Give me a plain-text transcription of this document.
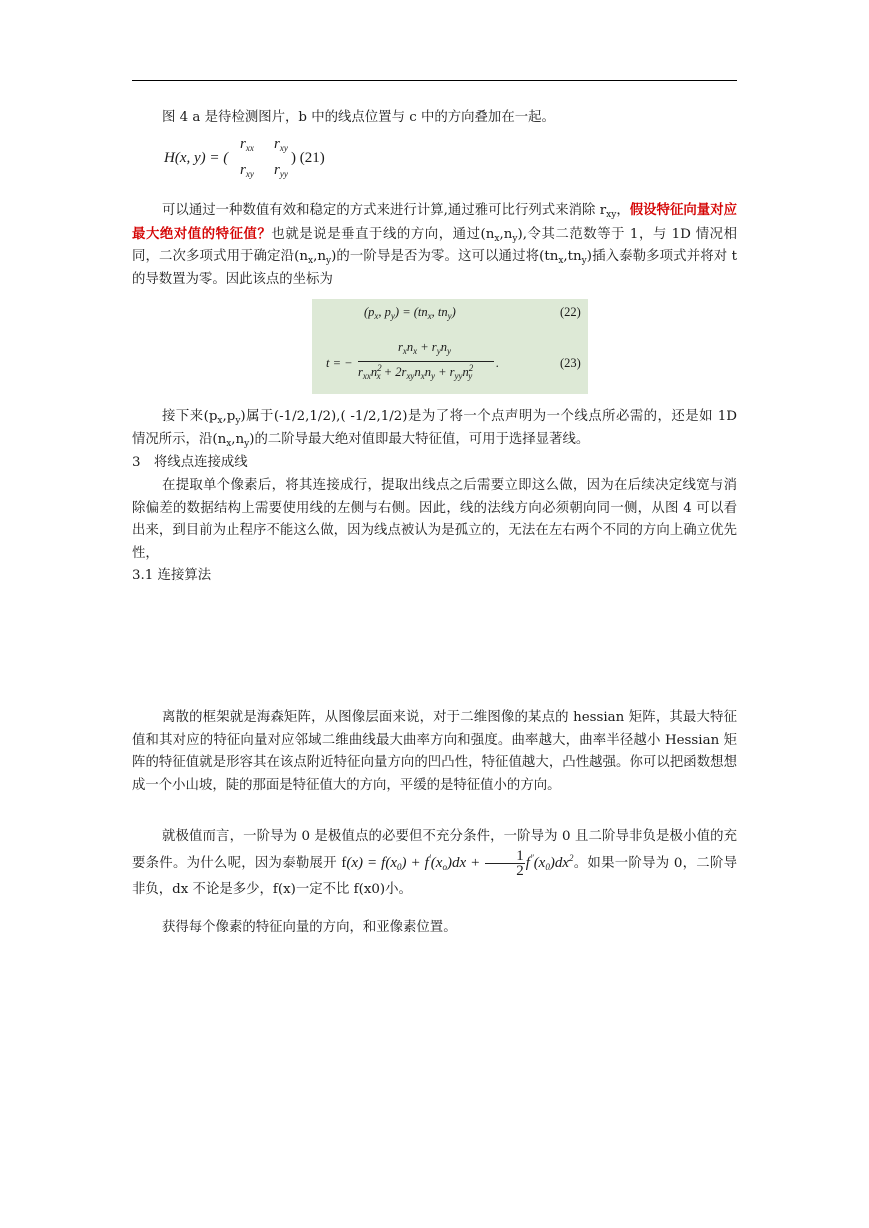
图 4 a 是待检测图片，b 中的线点位置与 c 中的方向叠加在一起。
H(x, y) = (
$r_{xx}$ $r_{xy}$
$r_{xy}$ $r_{yy}$
) (21)
可以通过一种数值有效和稳定的方式来进行计算,通过雅可比行列式来消除 $r_{xy}$，假设特征向量对应最大绝对值的特征值？也就是说是垂直于线的方向，通过$(n_x,n_y)$,令其二范数等于 1，与 1D 情况相同，二次多项式用于确定沿$(n_x,n_y)$的一阶导是否为零。这可以通过将$(tn_x,tn_y)$插入泰勒多项式并将对 t 的导数置为零。因此该点的坐标为
($p_x$, $p_y) = (tn_x$, $tn_y$)	(22)
t = −
$r_xn_x + r_yn_y$
$r_{xx}n^2_x + 2r_{xy}n_xn_y + r_{yy}n^2_y$
.	(23)
接下来$(p_x,p_y)$属于(-1/2,1/2),( -1/2,1/2)是为了将一个点声明为一个线点所必需的，还是如 1D 情况所示，沿$(n_x,n_y)$的二阶导最大绝对值即最大特征值，可用于选择显著线。
3　将线点连接成线
在提取单个像素后，将其连接成行，提取出线点之后需要立即这么做，因为在后续决定线宽与消除偏差的数据结构上需要使用线的左侧与右侧。因此，线的法线方向必须朝向同一侧，从图 4 可以看出来，到目前为止程序不能这么做，因为线点被认为是孤立的，无法在左右两个不同的方向上确立优先性，
3.1 连接算法
离散的框架就是海森矩阵，从图像层面来说，对于二维图像的某点的 hessian 矩阵，其最大特征值和其对应的特征向量对应邻域二维曲线最大曲率方向和强度。曲率越大，曲率半径越小 Hessian 矩阵的特征值就是形容其在该点附近特征向量方向的凹凸性，特征值越大，凸性越强。你可以把函数想想成一个小山坡，陡的那面是特征值大的方向，平缓的是特征值小的方向。
就极值而言，一阶导为 0 是极值点的必要但不充分条件，一阶导为 0 且二阶导非负是极小值的充要条件。为什么呢，因为泰勒展开 $f(x) = f(x_0) + f'(x_o)dx + \frac{1}{2} f''(x_0)dx^2$。如果一阶导为 0，二阶导非负，dx 不论是多少，f(x)一定不比 f(x0)小。
获得每个像素的特征向量的方向，和亚像素位置。
